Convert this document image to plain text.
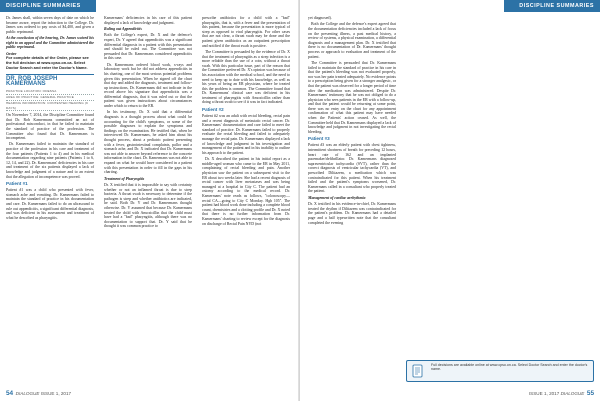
DISCIPLINE SUMMARIES

Dr. James shall, within seven days of date on which he became aware, report the infraction to the College. Dr. James was ordered to pay costs of $4,400, and given a public reprimand.

At the conclusion of the hearing, Dr. James waived his right to an appeal and the Committee administered the public reprimand.

Order
For complete details of the Order, please see the full decision at www.cpso.on.ca. Select Doctor Search and enter the Doctor's Name.
DR. ROB JOSEPH KAMERMANS
PRACTICE LOCATION: ODESSA
AREA OF PRACTICE: GENERAL PRACTICE
HEARING INFORMATION: CONTESTED HEARING (9 DAYS)

On November 7, 2014, the Discipline Committee found that Dr. Rob Kamermans committed an act of professional misconduct, in that he failed to maintain the standard of practice of the profession. The Committee also found that Dr. Kamermans is incompetent.

Dr. Kamermans failed to maintain the standard of practice of the profession in his care and treatment of the four patients (Patients 1 to 4) and in his medical documentation regarding nine patients (Patients 1 to 6, 12, 14, and 22). Dr. Kamermans' deficiencies in his care and treatment of the six patients displayed a lack of knowledge and judgment of a nature and to an extent that the allegation of incompetence was proved.

Patient #1

Patient #1 was a child who presented with fever, stomach ache and vomiting. Dr. Kamermans failed to maintain the standard of practice in his documentation and care. Dr. Kamermans failed to do an ultrasound to rule out appendicitis, a significant differential diagnosis, and was deficient in his assessment and treatment of what he described as pharyngitis.

Kamermans' deficiencies in his care of this patient displayed a lack of knowledge and judgment.

Ruling out Appendicitis

Both the College's expert, Dr. X and the defence's expert, Dr. Y agreed that appendicitis was a significant differential diagnosis in a patient with this presentation and should be ruled out. The Committee was not persuaded that Dr. Kamermans considered appendicitis in this case.

Dr. Kamermans ordered blood work, x-rays and laboratory work but he did not address appendicitis in his charting, one of the most serious potential problems given this presentation. When he signed off the chart that day and added the diagnosis, treatment and follow-up instructions, Dr. Kamermans did not indicate in the record above his signature that appendicitis was a differential diagnosis, that it was ruled out or that the patient was given instructions about circumstances under which to return to the ER.

In his testimony, Dr. X said that a differential diagnosis is a thought process about what could be accounting for the child's symptoms, or some of the possible diagnoses to explain the symptoms and findings on the examination. He testified that, when he interviewed Dr. Kamermans, he asked him about his thought process, about a pediatric patient presenting with a fever, gastrointestinal complaints, pallor and a stomach ache, and Dr. X indicated that Dr. Kamermans was not able to answer beyond reference to the concrete information in the chart. Dr. Kamermans was not able to expand on what he would have considered in a patient with this presentation in order to fill in the gaps in his charting.

Treatment of Pharyngitis

Dr. X testified that it is impossible to say with certainty whether or not an inflamed throat is due to strep bacteria. A throat swab is necessary to determine if the pathogen is strep and whether antibiotics are indicated, he said. Both Dr. Y and Dr. Kamermans thought otherwise. Dr. Y assumed that because Dr. Kamermans treated the child with Amoxicillin that the child must have had a "bad" pharyngitis, although there was no documentation to support that. Dr. Y said that he thought it was common practice to

prescribe antibiotics for a child with a "bad" pharyngitis, that is, with a fever and the presentation of this patient, because the presentation is more typical of strep as opposed to viral pharyngitis. For other cases that are not clear, a throat swab may be done and the patient given antibiotics as an outpatient prescription and notified if the throat swab is positive.

The Committee is persuaded by the evidence of Dr. X that the treatment of pharyngitis as a strep infection is a more reliable than the use of a coin, without a throat swab. With this particular issue, part of the reason that the Committee preferred Dr. X's opinion was because of his association with the medical school, and the need to need to keep up to date with his knowledge, as well as his years of being an ER physician, where he treated this the problem is common. The Committee found that Dr. Kamermans' clinical care was deficient in his treatment of pharyngitis with Amoxicillin rather than doing a throat swab to see if it was in fact indicated.

Patient #2

Patient #2 was an adult with rectal bleeding, rectal pain and a recent diagnosis of metastatic rectal cancer. Dr. Kamermans' documentation and care failed to meet the standard of practice. Dr. Kamermans failed to properly evaluate the rectal bleeding and failed to adequately manage the rectal pain. Dr. Kamermans displayed a lack of knowledge and judgment in his investigation and management of the patient and in his inability to outline his approach to the patient.

Dr. X described the patient in his initial report as a middle-aged woman who came to the ER in May 2011, complaining of rectal bleeding and pain. Another physician saw the patient on a subsequent visit to the ER about two weeks later. She had a recent diagnosis of rectal cancer with liver metastases and was being managed at a hospital in City C. The patient had an ostomy according to the medical record. Dr. Kamermans' note reads as follows, "colonoscopy—rectal CA—going to City C Monday. Hgb 105". The patient had blood work done including a complete blood count, chemistries and a clotting profile and Dr. X noted that there is no further information from Dr. Kamermans' charting to review except for the diagnosis on discharge of Rectal Pain NYD (not

54 DIALOGUE ISSUE 1, 2017
DISCIPLINE SUMMARIES

yet diagnosed).

Both the College and the defence's expert agreed that the documentation deficiencies included a lack of focus on the presenting illness, a past medical history, a review of systems, a physical examination, a differential diagnosis and a management plan. Dr. X testified that there is no documentation of Dr. Kamermans' thought process or approach to evaluation and treatment of the patient.

The Committee is persuaded that Dr. Kamermans failed to maintain the standard of practice in his care in that the patient's bleeding was not evaluated properly, nor was her pain treated adequately. No evidence points to a prescription being given for a stronger analgesic, or that the patient was observed for a longer period of time after the medication was administered. Despite Dr. Kamermans' testimony that he was not obliged to do a physician who sees patients in the ER with a follow-up, and that the patient would be returning at some point, there was no entry on the chart for any appointment confirmation of what this patient may have needed when the Patients' action ceased. As well, the Committee held that Dr. Kamermans displayed a lack of knowledge and judgment in not investigating the rectal bleeding.

Patient #3

Patient #3 was an elderly patient with chest tightness, intermittent shortness of breath for preceding 12 hours, heart rate of 162 and an implanted pacemaker/defibrillator. Dr. Kamermans diagnosed supraventricular tachycardia (SVT), rather than the correct diagnosis of ventricular tachycardia (VT), and prescribed Diltiazem, a medication which was contraindicated for this patient. When his treatment failed and the patient's symptoms worsened, Dr. Kamermans called in a consultant who properly treated the patient.

Management of cardiac arrhythmia

Dr. X testified in his evidence-in-chief, Dr. Kamermans treated the rhythm if Diltiazem was contraindicated for the patient's problem. Dr. Kamermans had a detailed page and a half typewritten note that the consultant completed the evening

Full decisions are available online at www.cpso.on.ca. Select Doctor Search and enter the doctor's name.
ISSUE 1, 2017 DIALOGUE 55
